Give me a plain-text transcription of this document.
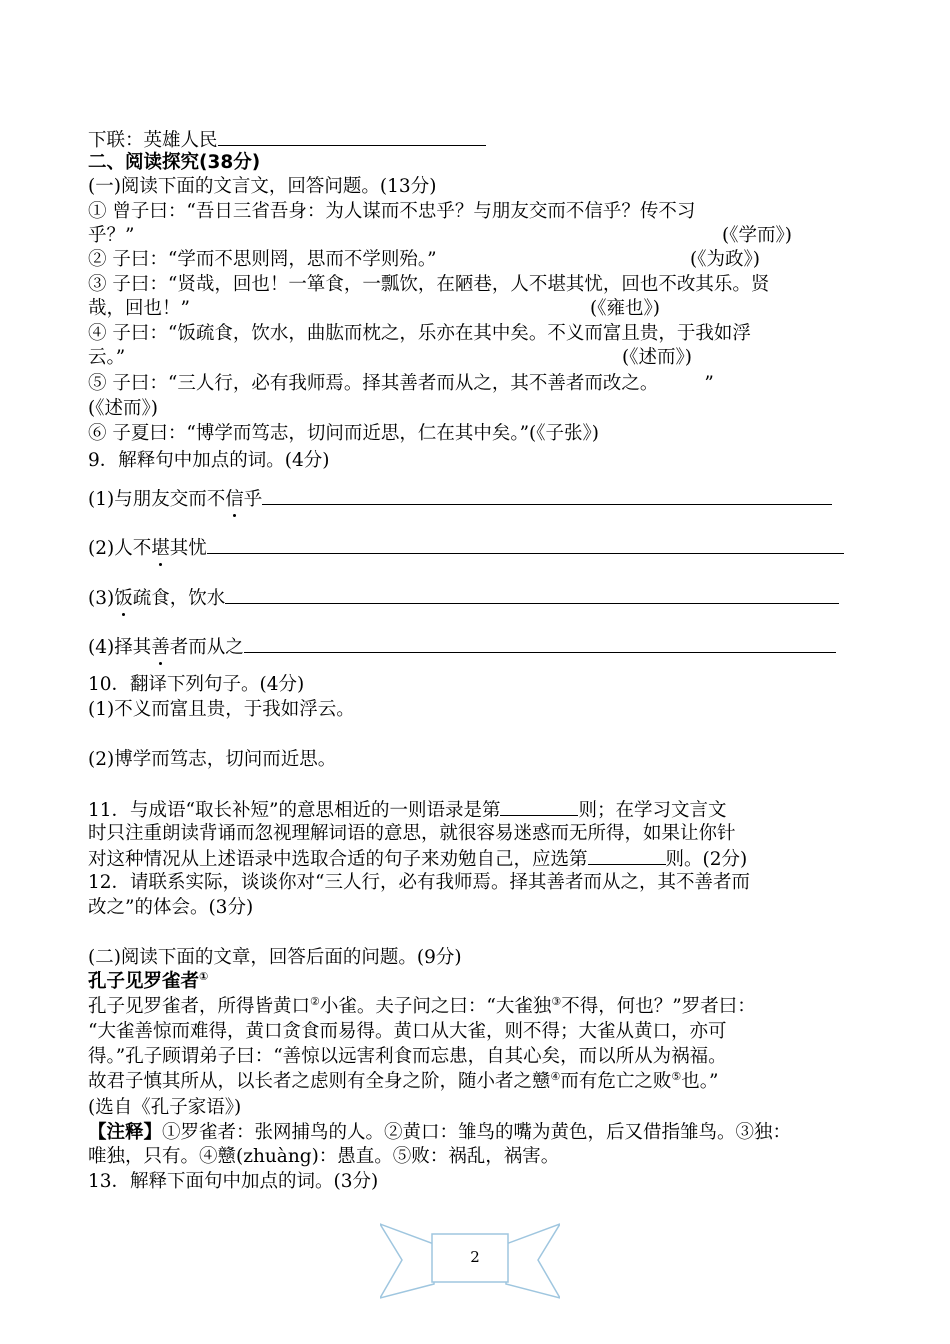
下联：英雄人民
二、阅读探究(38分)
(一)阅读下面的文言文，回答问题。(13分)
① 曾子曰：“吾日三省吾身：为人谋而不忠乎？与朋友交而不信乎？传不习
乎？”	(《学而》)
② 子曰：“学而不思则罔，思而不学则殆。”	(《为政》)
③ 子曰：“贤哉，回也！一箪食，一瓢饮，在陋巷，人不堪其忧，回也不改其乐。贤
哉，回也！”	(《雍也》)
④ 子曰：“饭疏食，饮水，曲肱而枕之，乐亦在其中矣。不义而富且贵，于我如浮
云。”	(《述而》)
⑤ 子曰：“三人行，必有我师焉。择其善者而从之，其不善者而改之。 ”
(《述而》)
⑥ 子夏曰：“博学而笃志，切问而近思，仁在其中矣。”(《子张》)
9．解释句中加点的词。(4分)
(1)与朋友交而不信乎
(2)人不堪其忧
(3)饭疏食，饮水
(4)择其善者而从之
10．翻译下列句子。(4分)
(1)不义而富且贵，于我如浮云。
(2)博学而笃志，切问而近思。
11．与成语“取长补短”的意思相近的一则语录是第	则；在学习文言文
时只注重朗读背诵而忽视理解词语的意思，就很容易迷惑而无所得，如果让你针
对这种情况从上述语录中选取合适的句子来劝勉自己，应选第	则。(2分)
12．请联系实际，谈谈你对“三人行，必有我师焉。择其善者而从之，其不善者而
改之”的体会。(3分)
(二)阅读下面的文章，回答后面的问题。(9分)
孔子见罗雀者①
孔子见罗雀者，所得皆黄口②小雀。夫子问之曰：“大雀独③不得，何也？”罗者曰：
“大雀善惊而难得，黄口贪食而易得。黄口从大雀，则不得；大雀从黄口，亦可
得。”孔子顾谓弟子曰：“善惊以远害利食而忘患，自其心矣，而以所从为祸福。
故君子慎其所从，以长者之虑则有全身之阶，随小者之戆④而有危亡之败⑤也。”
(选自《孔子家语》)
【注释】①罗雀者：张网捕鸟的人。②黄口：雏鸟的嘴为黄色，后又借指雏鸟。③独：
唯独，只有。④戆(zhuàng)：愚直。⑤败：祸乱，祸害。
13．解释下面句中加点的词。(3分)
2
